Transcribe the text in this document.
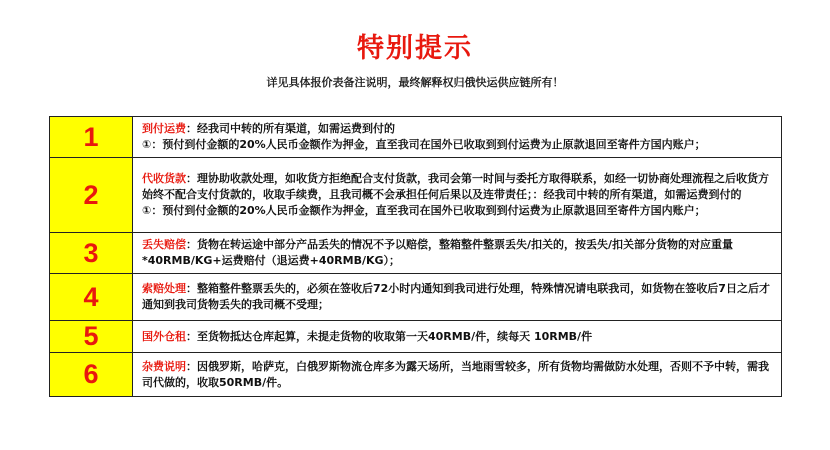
特别提示
详见具体报价表备注说明，最终解释权归俄快运供应链所有！
1	到付运费：经我司中转的所有渠道，如需运费到付的
①：预付到付金额的20%人民币金额作为押金，直至我司在国外已收取到到付运费为止原款退回至寄件方国内账户；

2	代收货款：理协助收款处理，如收货方拒绝配合支付货款，我司会第一时间与委托方取得联系，如经一切协商处理流程之后收货方始终不配合支付货款的，收取手续费，且我司概不会承担任何后果以及连带责任；：经我司中转的所有渠道，如需运费到付的
①：预付到付金额的20%人民币金额作为押金，直至我司在国外已收取到到付运费为止原款退回至寄件方国内账户；

3	丢失赔偿：货物在转运途中部分产品丢失的情况不予以赔偿，整箱整件整票丢失/扣关的，按丢失/扣关部分货物的对应重量*40RMB/KG+运费赔付（退运费+40RMB/KG）；
4	索赔处理：整箱整件整票丢失的，必须在签收后72小时内通知到我司进行处理，特殊情况请电联我司，如货物在签收后7日之后才通知到我司货物丢失的我司概不受理；
5	国外仓租：至货物抵达仓库起算，未提走货物的收取第一天40RMB/件，续每天 10RMB/件
6	杂费说明：因俄罗斯，哈萨克，白俄罗斯物流仓库多为露天场所，当地雨雪较多，所有货物均需做防水处理，否则不予中转，需我司代做的，收取50RMB/件。
